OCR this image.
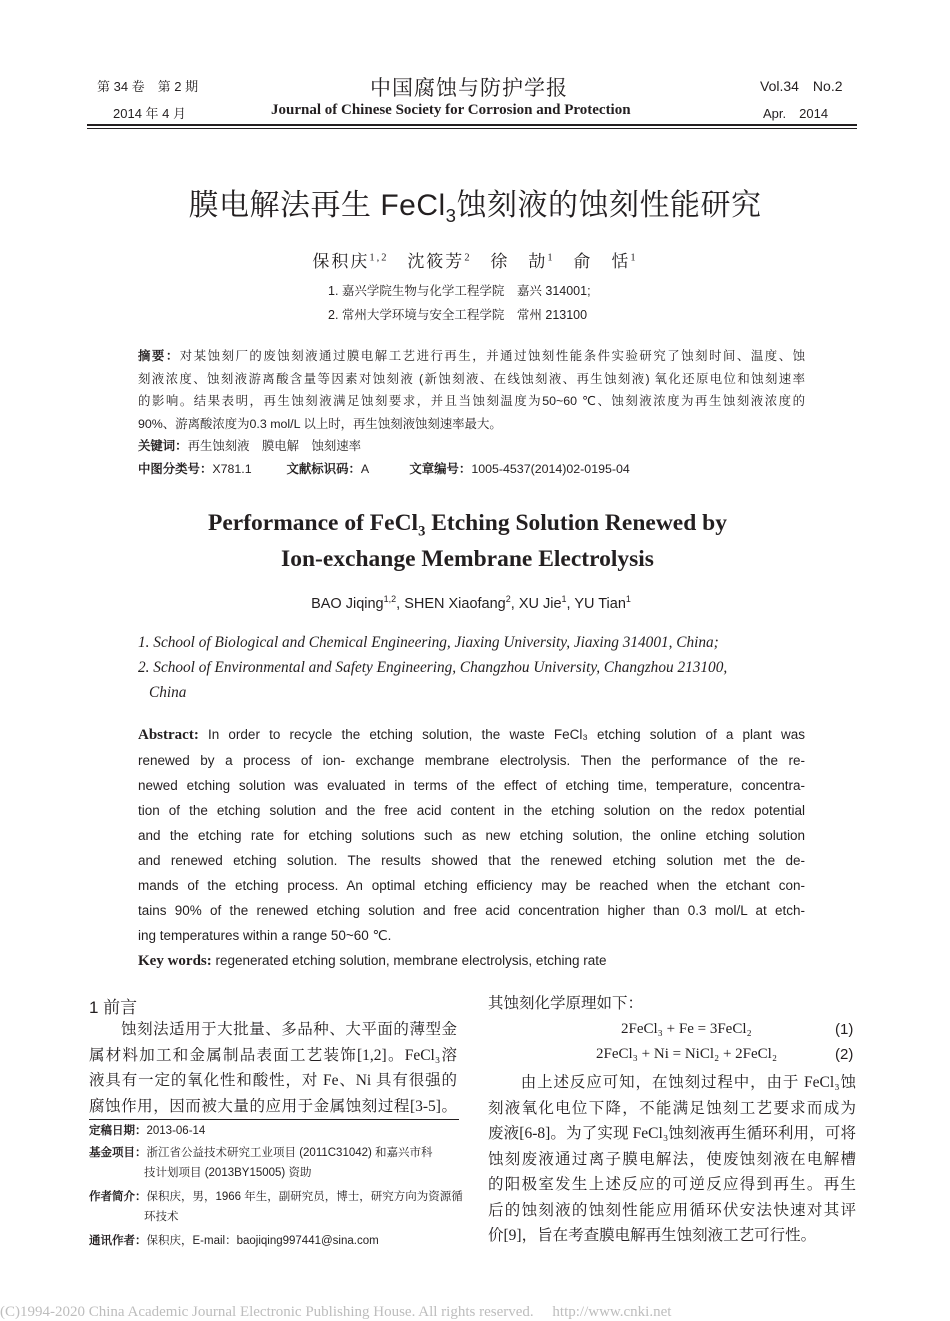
第 34 卷　第 2 期
2014 年 4 月
中国腐蚀与防护学报
Journal of Chinese Society for Corrosion and Protection
Vol.34　No.2
Apr.　2014
膜电解法再生 FeCl$_3$蚀刻液的蚀刻性能研究
保积庆$^{1,2}$ 沈筱芳$^2$ 徐　劼$^1$ 俞　恬$^1$
1. 嘉兴学院生物与化学工程学院　嘉兴 314001;
2. 常州大学环境与安全工程学院　常州 213100
摘要：对某蚀刻厂的废蚀刻液通过膜电解工艺进行再生，并通过蚀刻性能条件实验研究了蚀刻时间、温度、蚀
刻液浓度、蚀刻液游离酸含量等因素对蚀刻液 (新蚀刻液、在线蚀刻液、再生蚀刻液) 氧化还原电位和蚀刻速率
的影响。结果表明，再生蚀刻液满足蚀刻要求，并且当蚀刻温度为50~60 ℃、蚀刻液浓度为再生蚀刻液浓度的
90%、游离酸浓度为0.3 mol/L 以上时，再生蚀刻液蚀刻速率最大。
关键词：再生蚀刻液　膜电解　蚀刻速率
中图分类号：X781.1	文献标识码：A	文章编号：1005-4537(2014)02-0195-04
Performance of FeCl$_3$ Etching Solution Renewed by
Ion-exchange Membrane Electrolysis
BAO Jiqing$^{1,2}$, SHEN Xiaofang$^2$, XU Jie$^1$, YU Tian$^1$
1. School of Biological and Chemical Engineering, Jiaxing University, Jiaxing 314001, China;
2. School of Environmental and Safety Engineering, Changzhou University, Changzhou 213100,
China
Abstract: In order to recycle the etching solution, the waste FeCl₃ etching solution of a plant was
renewed by a process of ion- exchange membrane electrolysis. Then the performance of the re-
newed etching solution was evaluated in terms of the effect of etching time, temperature, concentra-
tion of the etching solution and the free acid content in the etching solution on the redox potential
and the etching rate for etching solutions such as new etching solution, the online etching solution
and renewed etching solution. The results showed that the renewed etching solution met the de-
mands of the etching process. An optimal etching efficiency may be reached when the etchant con-
tains 90% of the renewed etching solution and free acid concentration higher than 0.3 mol/L at etch-
ing temperatures within a range 50~60 ℃.
Key words: regenerated etching solution, membrane electrolysis, etching rate
1 前言
　　蚀刻法适用于大批量、多品种、大平面的薄型金
属材料加工和金属制品表面工艺装饰[1,2]。FeCl₃溶
液具有一定的氧化性和酸性，对 Fe、Ni 具有很强的
腐蚀作用，因而被大量的应用于金属蚀刻过程[3-5]。
定稿日期：2013-06-14
基金项目：浙江省公益技术研究工业项目 (2011C31042) 和嘉兴市科
技计划项目 (2013BY15005) 资助
作者简介：保积庆，男，1966 年生，副研究员，博士，研究方向为资源循
环技术
通讯作者：保积庆，E-mail：baojiqing997441@sina.com
其蚀刻化学原理如下：
2FeCl₃ + Fe = 3FeCl₂	(1)
2FeCl₃ + Ni = NiCl₂ + 2FeCl₂	(2)
　　由上述反应可知，在蚀刻过程中，由于 FeCl₃蚀
刻液氧化电位下降，不能满足蚀刻工艺要求而成为
废液[6-8]。为了实现 FeCl₃蚀刻液再生循环利用，可将
蚀刻废液通过离子膜电解法，使废蚀刻液在电解槽
的阳极室发生上述反应的可逆反应得到再生。再生
后的蚀刻液的蚀刻性能应用循环伏安法快速对其评
价[9]，旨在考查膜电解再生蚀刻液工艺可行性。
(C)1994-2020 China Academic Journal Electronic Publishing House. All rights reserved.　 http://www.cnki.net
